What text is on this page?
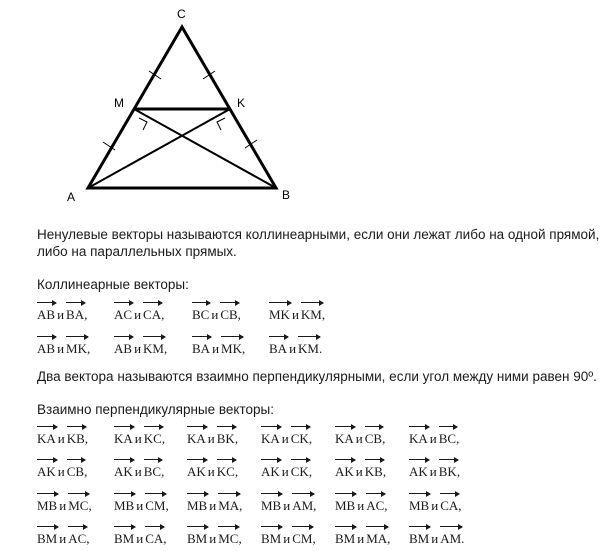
C
M	K
A	B

Ненулевые векторы называются коллинеарными, если они лежат либо на одной прямой,

либо на параллельных прямых.

Коллинеарные векторы:

AB и BA, AC и CA, BC и CB, MK и KM,
AB и MK, AB и KM, BA и MK, BA и KM.

Два вектора называются взаимно перпендикулярными, если угол между ними равен 90º.

Взаимно перпендикулярные векторы:

KA и KB, KA и KC, KA и BK, KA и CK, KA и CB, KA и BC,
AK и CB, AK и BC, AK и KC, AK и CK, AK и KB, AK и BK,
MB и MC, MB и CM, MB и MA, MB и AM, MB и AC, MB и CA,
BM и AC, BM и CA, BM и MC, BM и CM, BM и MA, BM и AM.
